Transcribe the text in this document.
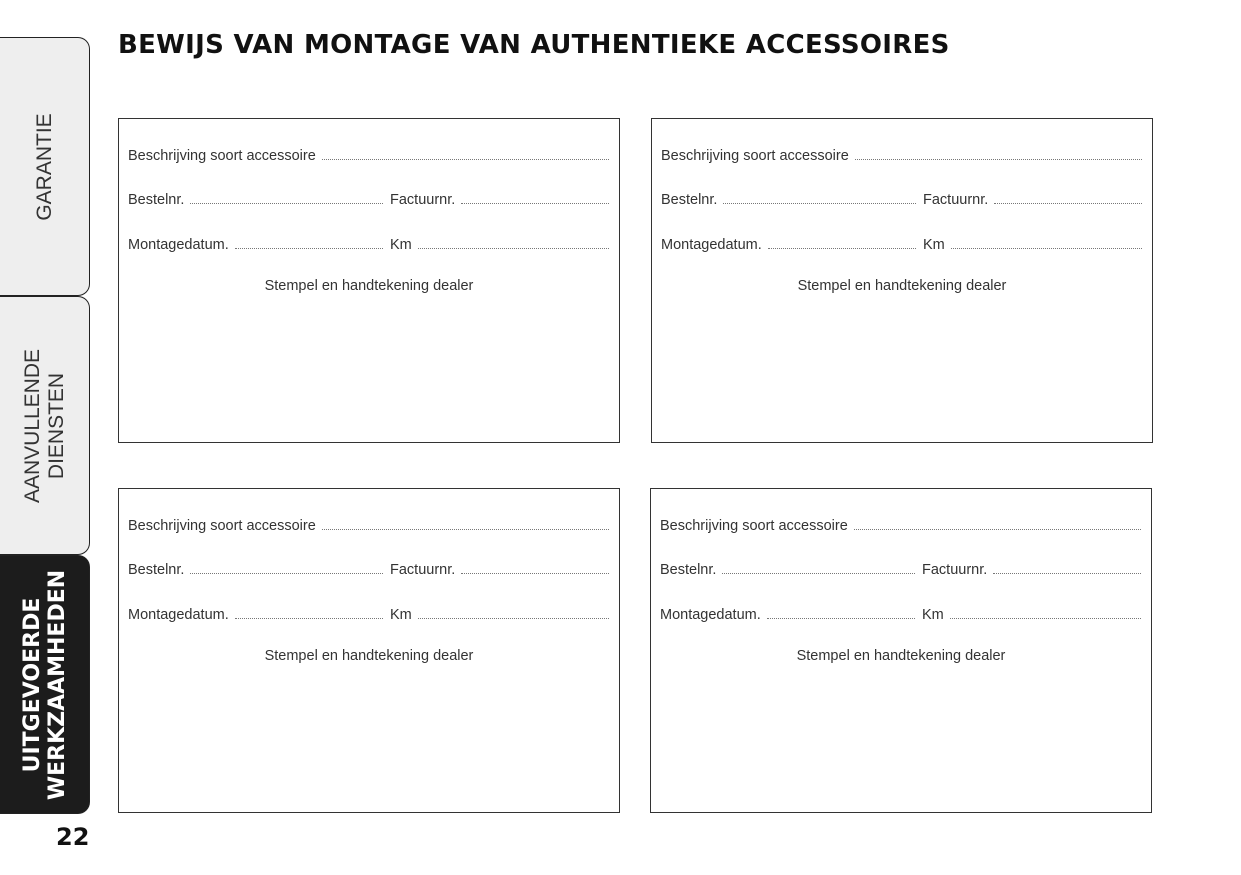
BEWIJS VAN MONTAGE VAN AUTHENTIEKE ACCESSOIRES
GARANTIE
AANVULLENDE DIENSTEN
UITGEVOERDE WERKZAAMHEDEN
22
Beschrijving soort accessoire
Bestelnr.	Factuurnr.
Montagedatum.	Km
Stempel en handtekening dealer
Beschrijving soort accessoire
Bestelnr.	Factuurnr.
Montagedatum.	Km
Stempel en handtekening dealer
Beschrijving soort accessoire
Bestelnr.	Factuurnr.
Montagedatum.	Km
Stempel en handtekening dealer
Beschrijving soort accessoire
Bestelnr.	Factuurnr.
Montagedatum.	Km
Stempel en handtekening dealer
